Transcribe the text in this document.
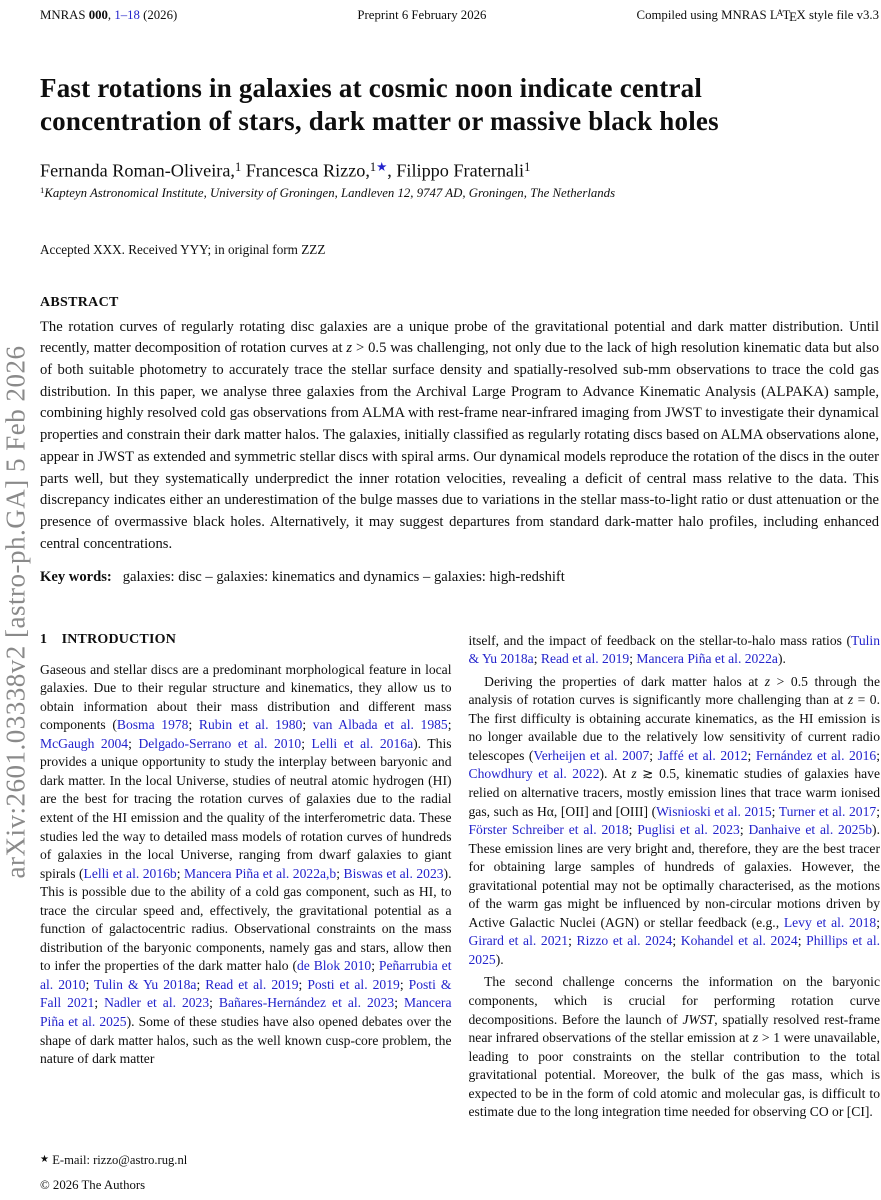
MNRAS 000, 1–18 (2026)	Preprint 6 February 2026	Compiled using MNRAS $L^ATEX$ style file v3.3
arXiv:2601.03338v2 [astro-ph.GA] 5 Feb 2026
Fast rotations in galaxies at cosmic noon indicate central concentration of stars, dark matter or massive black holes
Fernanda Roman-Oliveira,$^1$ Francesca Rizzo,$^{1★}$, Filippo Fraternali$^1$
$^1$Kapteyn Astronomical Institute, University of Groningen, Landleven 12, 9747 AD, Groningen, The Netherlands
Accepted XXX. Received YYY; in original form ZZZ
ABSTRACT

The rotation curves of regularly rotating disc galaxies are a unique probe of the gravitational potential and dark matter distribution. Until recently, matter decomposition of rotation curves at z > 0.5 was challenging, not only due to the lack of high resolution kinematic data but also of both suitable photometry to accurately trace the stellar surface density and spatially-resolved sub-mm observations to trace the cold gas distribution. In this paper, we analyse three galaxies from the Archival Large Program to Advance Kinematic Analysis (ALPAKA) sample, combining highly resolved cold gas observations from ALMA with rest-frame near-infrared imaging from JWST to investigate their dynamical properties and constrain their dark matter halos. The galaxies, initially classified as regularly rotating discs based on ALMA observations alone, appear in JWST as extended and symmetric stellar discs with spiral arms. Our dynamical models reproduce the rotation of the discs in the outer parts well, but they systematically underpredict the inner rotation velocities, revealing a deficit of central mass relative to the data. This discrepancy indicates either an underestimation of the bulge masses due to variations in the stellar mass-to-light ratio or dust attenuation or the presence of overmassive black holes. Alternatively, it may suggest departures from standard dark-matter halo profiles, including enhanced central concentrations.

Key words:  galaxies: disc – galaxies: kinematics and dynamics – galaxies: high-redshift
1  INTRODUCTION

Gaseous and stellar discs are a predominant morphological feature in local galaxies. Due to their regular structure and kinematics, they allow us to obtain information about their mass distribution and different mass components (Bosma 1978; Rubin et al. 1980; van Albada et al. 1985; McGaugh 2004; Delgado-Serrano et al. 2010; Lelli et al. 2016a). This provides a unique opportunity to study the interplay between baryonic and dark matter. In the local Universe, studies of neutral atomic hydrogen (HI) are the best for tracing the rotation curves of galaxies due to the radial extent of the HI emission and the quality of the interferometric data. These studies led the way to detailed mass models of rotation curves of hundreds of galaxies in the local Universe, ranging from dwarf galaxies to giant spirals (Lelli et al. 2016b; Mancera Piña et al. 2022a,b; Biswas et al. 2023). This is possible due to the ability of a cold gas component, such as HI, to trace the circular speed and, effectively, the gravitational potential as a function of galactocentric radius. Observational constraints on the mass distribution of the baryonic components, namely gas and stars, allow then to infer the properties of the dark matter halo (de Blok 2010; Peñarrubia et al. 2010; Tulin & Yu 2018a; Read et al. 2019; Posti et al. 2019; Posti & Fall 2021; Nadler et al. 2023; Bañares-Hernández et al. 2023; Mancera Piña et al. 2025). Some of these studies have also opened debates over the shape of dark matter halos, such as the well known cusp-core problem, the nature of dark matter

itself, and the impact of feedback on the stellar-to-halo mass ratios (Tulin & Yu 2018a; Read et al. 2019; Mancera Piña et al. 2022a).

Deriving the properties of dark matter halos at z > 0.5 through the analysis of rotation curves is significantly more challenging than at z = 0. The first difficulty is obtaining accurate kinematics, as the HI emission is no longer available due to the relatively low sensitivity of current radio telescopes (Verheijen et al. 2007; Jaffé et al. 2012; Fernández et al. 2016; Chowdhury et al. 2022). At z ≳ 0.5, kinematic studies of galaxies have relied on alternative tracers, mostly emission lines that trace warm ionised gas, such as Hα, [OII] and [OIII] (Wisnioski et al. 2015; Turner et al. 2017; Förster Schreiber et al. 2018; Puglisi et al. 2023; Danhaive et al. 2025b). These emission lines are very bright and, therefore, they are the best tracer for obtaining large samples of hundreds of galaxies. However, the gravitational potential may not be optimally characterised, as the motions of the warm gas might be influenced by non-circular motions driven by Active Galactic Nuclei (AGN) or stellar feedback (e.g., Levy et al. 2018; Girard et al. 2021; Rizzo et al. 2024; Kohandel et al. 2024; Phillips et al. 2025).

The second challenge concerns the information on the baryonic components, which is crucial for performing rotation curve decompositions. Before the launch of JWST, spatially resolved rest-frame near infrared observations of the stellar emission at z > 1 were unavailable, leading to poor constraints on the stellar contribution to the total gravitational potential. Moreover, the bulk of the gas mass, which is expected to be in the form of cold atomic and molecular gas, is difficult to estimate due to the long integration time needed for observing CO or [CI].

★ E-mail: rizzo@astro.rug.nl
© 2026 The Authors
